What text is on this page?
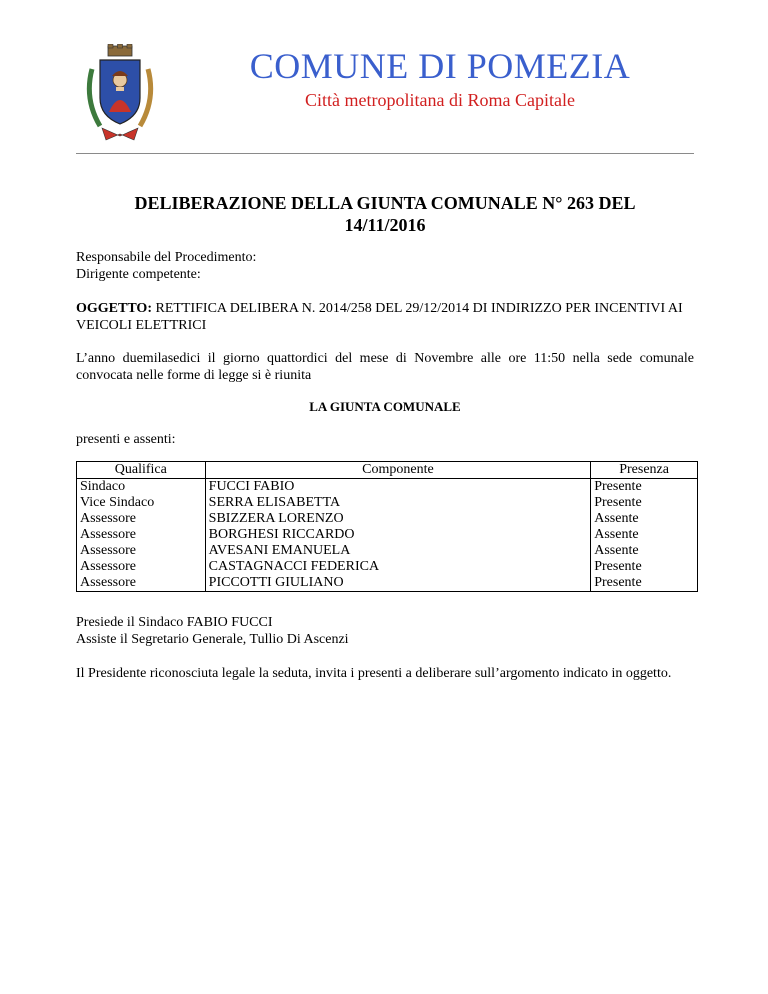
COMUNE DI POMEZIA
Città metropolitana di Roma Capitale
DELIBERAZIONE DELLA GIUNTA COMUNALE N° 263 DEL
14/11/2016
Responsabile del Procedimento:
Dirigente competente:
OGGETTO: RETTIFICA DELIBERA N. 2014/258 DEL 29/12/2014 DI INDIRIZZO PER INCENTIVI AI VEICOLI ELETTRICI
L’anno duemilasedici il giorno quattordici del mese di Novembre alle ore 11:50 nella sede comunale convocata nelle forme di legge si è riunita
LA GIUNTA COMUNALE
presenti e assenti:
Qualifica	Componente	Presenza
Sindaco	FUCCI FABIO	Presente
Vice Sindaco	SERRA ELISABETTA	Presente
Assessore	SBIZZERA LORENZO	Assente
Assessore	BORGHESI RICCARDO	Assente
Assessore	AVESANI EMANUELA	Assente
Assessore	CASTAGNACCI FEDERICA	Presente
Assessore	PICCOTTI GIULIANO	Presente
Presiede il Sindaco FABIO FUCCI
Assiste il Segretario Generale, Tullio Di Ascenzi
Il Presidente riconosciuta legale la seduta, invita i presenti a deliberare sull’argomento indicato in oggetto.
